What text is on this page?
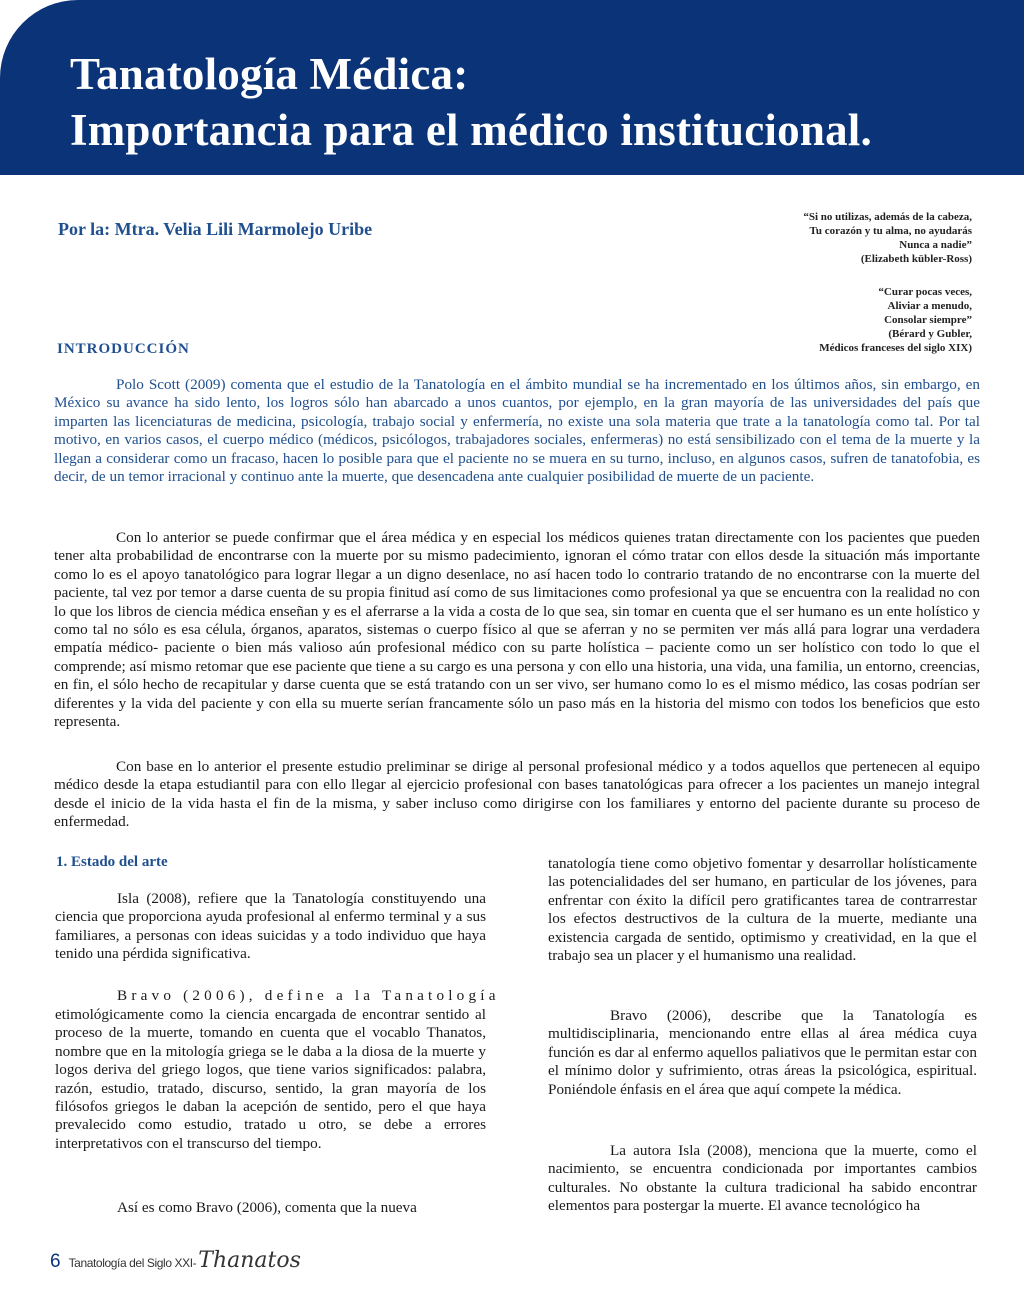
Tanatología Médica:
Importancia para el médico institucional.
Por la: Mtra. Velia Lili Marmolejo Uribe
“Si no utilizas, además de la cabeza,
Tu corazón y tu alma, no ayudarás
Nunca a nadie”
(Elizabeth kübler-Ross)
“Curar pocas veces,
Aliviar a menudo,
Consolar siempre”
(Bérard y Gubler,
Médicos franceses del siglo XIX)
INTRODUCCIÓN

Polo Scott (2009) comenta que el estudio de la Tanatología en el ámbito mundial se ha incrementado en los últimos años, sin embargo, en México su avance ha sido lento, los logros sólo han abarcado a unos cuantos, por ejemplo, en la gran mayoría de las universidades del país que imparten las licenciaturas de medicina, psicología, trabajo social y enfermería, no existe una sola materia que trate a la tanatología como tal. Por tal motivo, en varios casos, el cuerpo médico (médicos, psicólogos, trabajadores sociales, enfermeras) no está sensibilizado con el tema de la muerte y la llegan a considerar como un fracaso, hacen lo posible para que el paciente no se muera en su turno, incluso, en algunos casos, sufren de tanatofobia, es decir, de un temor irracional y continuo ante la muerte, que desencadena ante cualquier posibilidad de muerte de un paciente.

Con lo anterior se puede confirmar que el área médica y en especial los médicos quienes tratan directamente con los pacientes que pueden tener alta probabilidad de encontrarse con la muerte por su mismo padecimiento, ignoran el cómo tratar con ellos desde la situación más importante como lo es el apoyo tanatológico para lograr llegar a un digno desenlace, no así hacen todo lo contrario tratando de no encontrarse con la muerte del paciente, tal vez por temor a darse cuenta de su propia finitud así como de sus limitaciones como profesional ya que se encuentra con la realidad no con lo que los libros de ciencia médica enseñan y es el aferrarse a la vida a costa de lo que sea, sin tomar en cuenta que el ser humano es un ente holístico y como tal no sólo es esa célula, órganos, aparatos, sistemas o cuerpo físico al que se aferran y no se permiten ver más allá para lograr una verdadera empatía médico- paciente o bien más valioso aún profesional médico con su parte holística – paciente como un ser holístico con todo lo que el comprende; así mismo retomar que ese paciente que tiene a su cargo es una persona y con ello una historia, una vida, una familia, un entorno, creencias, en fin, el sólo hecho de recapitular y darse cuenta que se está tratando con un ser vivo, ser humano como lo es el mismo médico, las cosas podrían ser diferentes y la vida del paciente y con ella su muerte serían francamente sólo un paso más en la historia del mismo con todos los beneficios que esto representa.

Con base en lo anterior el presente estudio preliminar se dirige al personal profesional médico y a todos aquellos que pertenecen al equipo médico desde la etapa estudiantil para con ello llegar al ejercicio profesional con bases tanatológicas para ofrecer a los pacientes un manejo integral desde el inicio de la vida hasta el fin de la misma, y saber incluso como dirigirse con los familiares y entorno del paciente durante su proceso de enfermedad.

1. Estado del arte

Isla (2008), refiere que la Tanatología constituyendo una ciencia que proporciona ayuda profesional al enfermo terminal y a sus familiares, a personas con ideas suicidas y a todo individuo que haya tenido una pérdida significativa.

Bravo (2006), define a la Tanatología

etimológicamente como la ciencia encargada de encontrar sentido al proceso de la muerte, tomando en cuenta que el vocablo Thanatos, nombre que en la mitología griega se le daba a la diosa de la muerte y logos deriva del griego logos, que tiene varios significados: palabra, razón, estudio, tratado, discurso, sentido, la gran mayoría de los filósofos griegos le daban la acepción de sentido, pero el que haya prevalecido como estudio, tratado u otro, se debe a errores interpretativos con el transcurso del tiempo.

Así es como Bravo (2006), comenta que la nueva

tanatología tiene como objetivo fomentar y desarrollar holísticamente las potencialidades del ser humano, en particular de los jóvenes, para enfrentar con éxito la difícil pero gratificantes tarea de contrarrestar los efectos destructivos de la cultura de la muerte, mediante una existencia cargada de sentido, optimismo y creatividad, en la que el trabajo sea un placer y el humanismo una realidad.

Bravo (2006), describe que la Tanatología es multidisciplinaria, mencionando entre ellas al área médica cuya función es dar al enfermo aquellos paliativos que le permitan estar con el mínimo dolor y sufrimiento, otras áreas la psicológica, espiritual. Poniéndole énfasis en el área que aquí compete la médica.

La autora Isla (2008), menciona que la muerte, como el nacimiento, se encuentra condicionada por importantes cambios culturales. No obstante la cultura tradicional ha sabido encontrar elementos para postergar la muerte. El avance tecnológico ha

6 Tanatología del Siglo XXI- Thanatos
